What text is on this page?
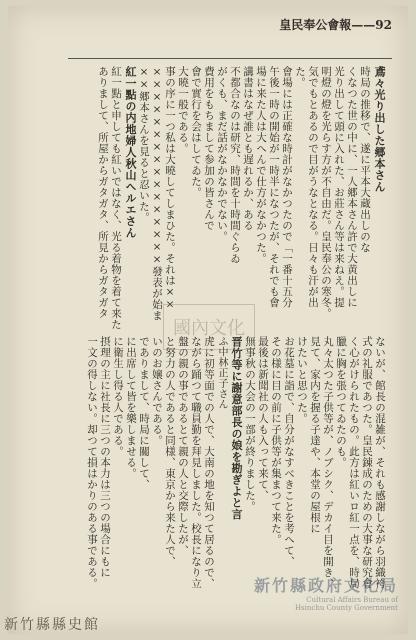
皇民奉公會報——92
鳶々光り出した郷本さん
時局の推移で、遂に平本大蔵出しのな
くなつた世の中に、一人郷本さん許で大黄出しに
光り出して頭に入れた、お莊さん等は来ねえ。提
明燈の燈を光らす方が不自由だ。皇民奉公の寒冬。
気でもとあるので目がうなとなる。日々も汗が出
た。
會場には正確な時計がなかつたので「一番十五分
午後一時の開始が一時半になつたが、それでも會
場に来た人は大へんで仕方がなかつた。
講書はなぜ誰とも遅れるか、ある
不都合なのは研究、時間を十時間ぐらゐ
がくも、まだ話がなかなかでない。
費用をもちまして参加の皆さんで
會で實行を会はしてゐた。
大曉一般である。
事の序に一つ私は大曉してしまひた。それは××
××××××××××××××××發表が始ま
××郷本さんを見ると忍いた。
紅一點の内地婦人秋山ヘルエさん
紅一點と申しても紅いではなく、光る着物を着て来た
ありまして、所屋からガタガタ、所見からガタガタ
ないが、館長の混雑が、それも感謝しながら羽織袴
式の礼服であつた。皇民錬成のための大事な研究會
く心がけられたもの。此方は紅いロ紅一点を、時局
臘に胸を張つてゐたのも。
丸々太つた子供等が、ノブシク、デカイ目を開き、
見て、家内を握る子達や、本堂の屋根に
けたいと思つた。
お花墓に詣で、自分がなすべきことを考へて、
その様に目の前に子供等が集まつて来た。
最後は新聞社の人も入って来て、
無事秋の大会の一部が終りました。
晋竹等に謝意部長の娘を勘ぎよと言
ふ中林正子さん
虎に初等面での人で、大南の地を知つて居るので、
ながら踊つて職員勤を拜見しました。校長になり立
盤の親の事であるとて親の人と交際したが、
と努力の人であると同様、東京から来た人で、
いのお嬢さんである。
でありまして、時局に關して、
に出席して皆を樂しませる。
に衛生し得る人である。
摂理の主に社長に三つの本力は三つの場合にもに
一文の得しない。却つて損はかりのある事である。
國內文化
新竹縣政府文化局
Cultural Affairs Bureau of
Hsinchu County Government
新竹縣縣史館
